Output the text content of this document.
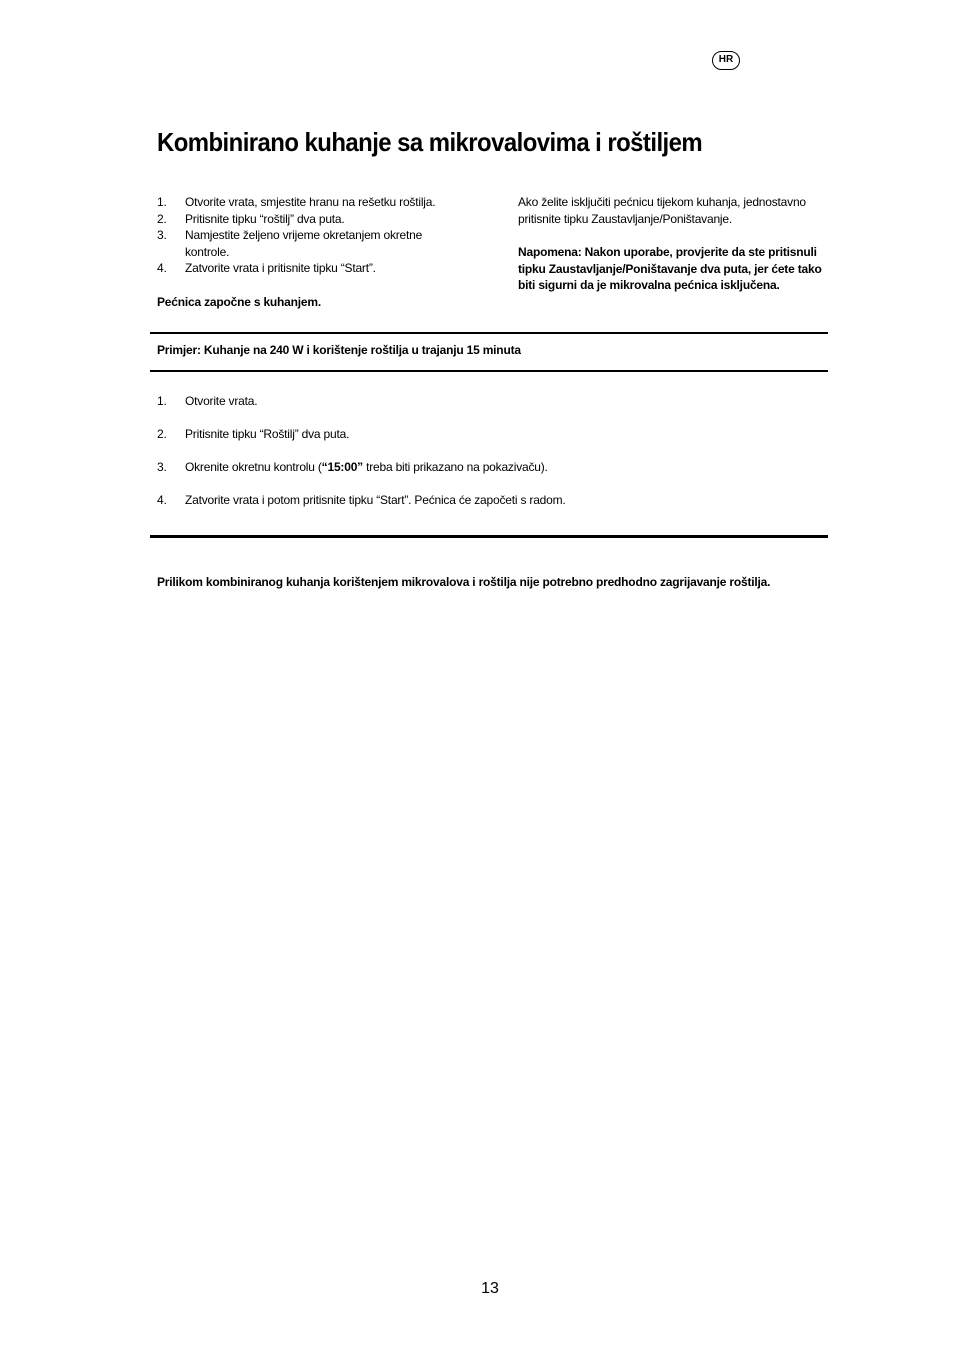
HR
Kombinirano kuhanje sa mikrovalovima i roštiljem
1. Otvorite vrata, smjestite hranu na rešetku roštilja.
2. Pritisnite tipku “roštilj” dva puta.
3. Namjestite željeno vrijeme okretanjem okretne kontrole.
4. Zatvorite vrata i pritisnite tipku “Start”.
Pećnica započne s kuhanjem.
Ako želite isključiti pećnicu tijekom kuhanja, jednostavno pritisnite tipku Zaustavljanje/Poništavanje.
Napomena: Nakon uporabe, provjerite da ste pritisnuli tipku Zaustavljanje/Poništavanje dva puta, jer ćete tako biti sigurni da je mikrovalna pećnica isključena.
Primjer: Kuhanje na 240 W i korištenje roštilja u trajanju 15 minuta
1. Otvorite vrata.
2. Pritisnite tipku “Roštilj” dva puta.
3. Okrenite okretnu kontrolu (“15:00” treba biti prikazano na pokazivaču).
4. Zatvorite vrata i potom pritisnite tipku “Start”. Pećnica će započeti s radom.
Prilikom kombiniranog kuhanja korištenjem mikrovalova i roštilja nije potrebno predhodno zagrijavanje roštilja.
13
